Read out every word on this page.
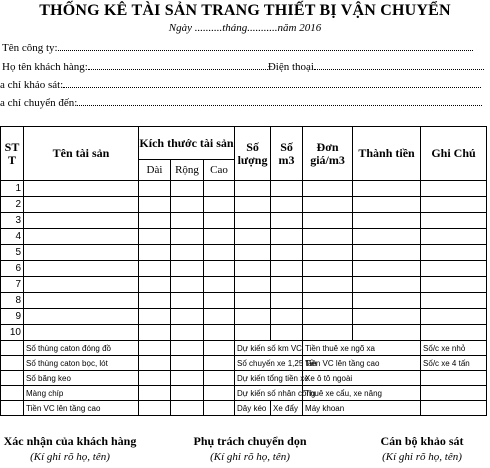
THỐNG KÊ TÀI SẢN TRANG THIẾT BỊ VẬN CHUYỂN
Ngày ..........tháng...........năm 2016
Tên công ty:
Họ tên khách hàng:	Điện thoại
a chỉ khảo sát:
a chỉ chuyển đến:
ST T	Tên tài sản	Kích thước tài sản			Số lượng	Số m3	Đơn giá/m3	Thành tiền	Ghi Chú
		Dài	Rộng	Cao					
1									
2									
3									
4									
5									
6									
7									
8									
9									
10									
	Số thùng caton đóng đồ				Dự kiến số km VC		Tiền thuê xe ngõ xa		Số/c xe nhỏ
	Số thùng caton bọc, lót				Số chuyến xe 1,25 tấn		Tiền VC lên tầng cao		Số/c xe 4 tấn
	Số băng keo				Dự kiến tổng tiền xe		Xe ô tô ngoài		
	Màng chíp				Dự kiến số nhân công		Thuê xe cẩu, xe nâng		
	Tiền VC lên tầng cao				Dây kéo	Xe đẩy	Máy khoan		
Xác nhận của khách hàng
(Kí ghi rõ họ, tên)
Phụ trách chuyển dọn
(Kí ghi rõ họ, tên)
Cán bộ khảo sát
(Kí ghi rõ họ, tên)
